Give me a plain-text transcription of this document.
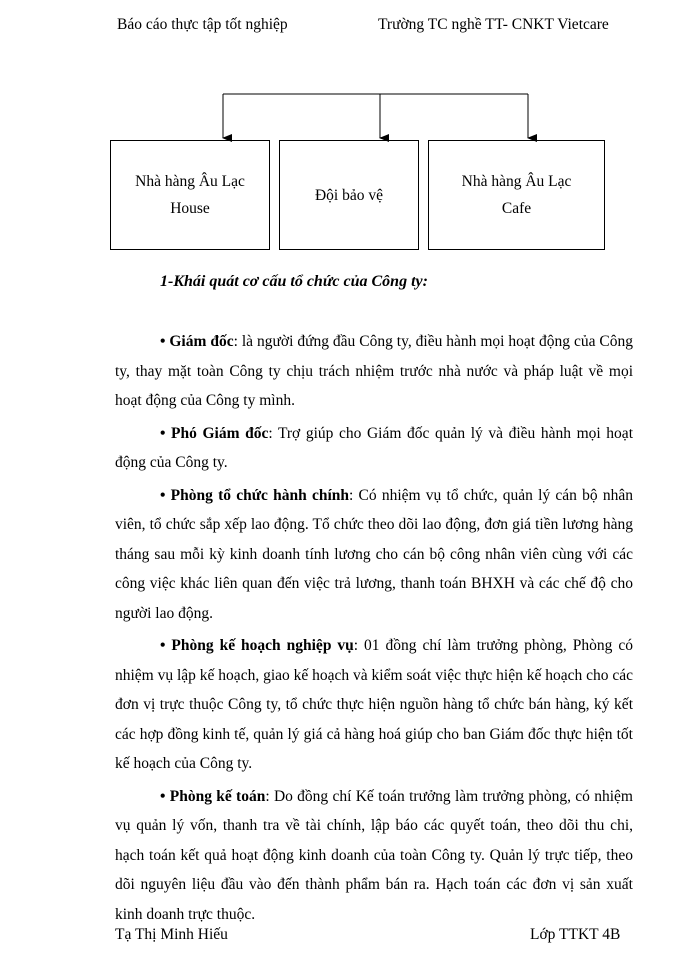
Báo cáo thực tập tốt nghiệp	Trường TC nghề TT- CNKT Vietcare
Nhà hàng Âu Lạc
House
Đội bảo vệ
Nhà hàng Âu Lạc
Cafe
1-Khái quát cơ cấu tổ chức của Công ty:

• Giám đốc: là người đứng đầu Công ty, điều hành mọi hoạt động của Công ty, thay mặt toàn Công ty chịu trách nhiệm trước nhà nước và pháp luật về mọi hoạt động của Công ty mình.

• Phó Giám đốc: Trợ giúp cho Giám đốc quản lý và điều hành mọi hoạt động của Công ty.

• Phòng tổ chức hành chính: Có nhiệm vụ tổ chức, quản lý cán bộ nhân viên, tổ chức sắp xếp lao động. Tổ chức theo dõi lao động, đơn giá tiền lương hàng tháng sau mỗi kỳ kinh doanh tính lương cho cán bộ công nhân viên cùng với các công việc khác liên quan đến việc trả lương, thanh toán BHXH và các chế độ cho người lao động.

• Phòng kế hoạch nghiệp vụ: 01 đồng chí làm trưởng phòng, Phòng có nhiệm vụ lập kế hoạch, giao kế hoạch và kiểm soát việc thực hiện kế hoạch cho các đơn vị trực thuộc Công ty, tổ chức thực hiện nguồn hàng tổ chức bán hàng, ký kết các hợp đồng kinh tế, quản lý giá cả hàng hoá giúp cho ban Giám đốc thực hiện tốt kế hoạch của Công ty.

• Phòng kế toán: Do đồng chí Kế toán trưởng làm trưởng phòng, có nhiệm vụ quản lý vốn, thanh tra về tài chính, lập báo các quyết toán, theo dõi thu chi, hạch toán kết quả hoạt động kinh doanh của toàn Công ty. Quản lý trực tiếp, theo dõi nguyên liệu đầu vào đến thành phẩm bán ra. Hạch toán các đơn vị sản xuất kinh doanh trực thuộc.

Tạ Thị Minh Hiếu	Lớp TTKT 4B
